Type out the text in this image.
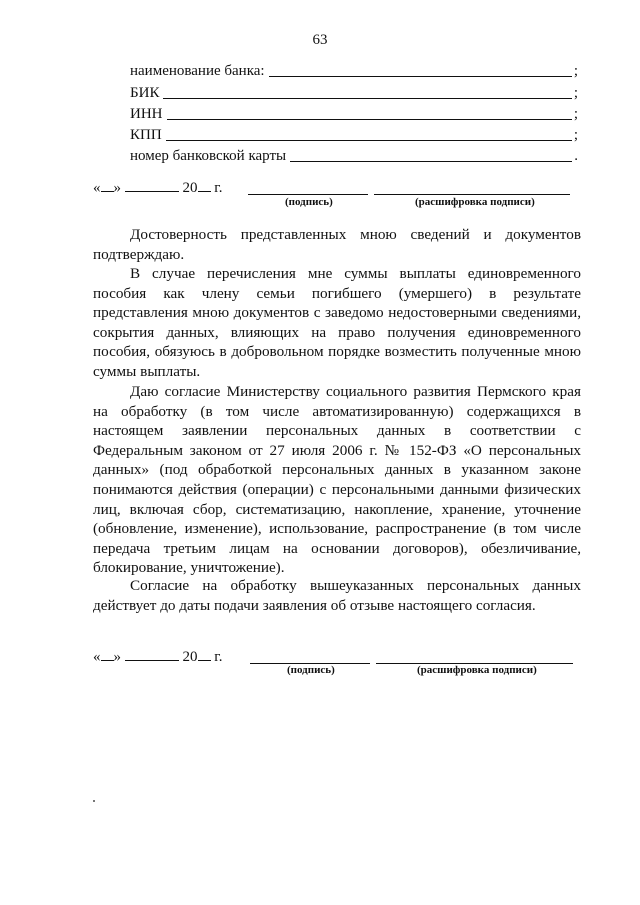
63
наименование банка:	;
БИК	;
ИНН	;
КПП	;
номер банковской карты	.
« »	20 г.
(подпись)	(расшифровка подписи)

Достоверность представленных мною сведений и документов подтверждаю.

В случае перечисления мне суммы выплаты единовременного пособия как члену семьи погибшего (умершего) в результате представления мною документов с заведомо недостоверными сведениями, сокрытия данных, влияющих на право получения единовременного пособия, обязуюсь в добровольном порядке возместить полученные мною суммы выплаты.

Даю согласие Министерству социального развития Пермского края на обработку (в том числе автоматизированную) содержащихся в настоящем заявлении персональных данных в соответствии с Федеральным законом от 27 июля 2006 г. № 152-ФЗ «О персональных данных» (под обработкой персональных данных в указанном законе понимаются действия (операции) с персональными данными физических лиц, включая сбор, систематизацию, накопление, хранение, уточнение (обновление, изменение), использование, распространение (в том числе передача третьим лицам на основании договоров), обезличивание, блокирование, уничтожение).

Согласие на обработку вышеуказанных персональных данных действует до даты подачи заявления об отзыве настоящего согласия.

« »	20 г.
(подпись)	(расшифровка подписи)
